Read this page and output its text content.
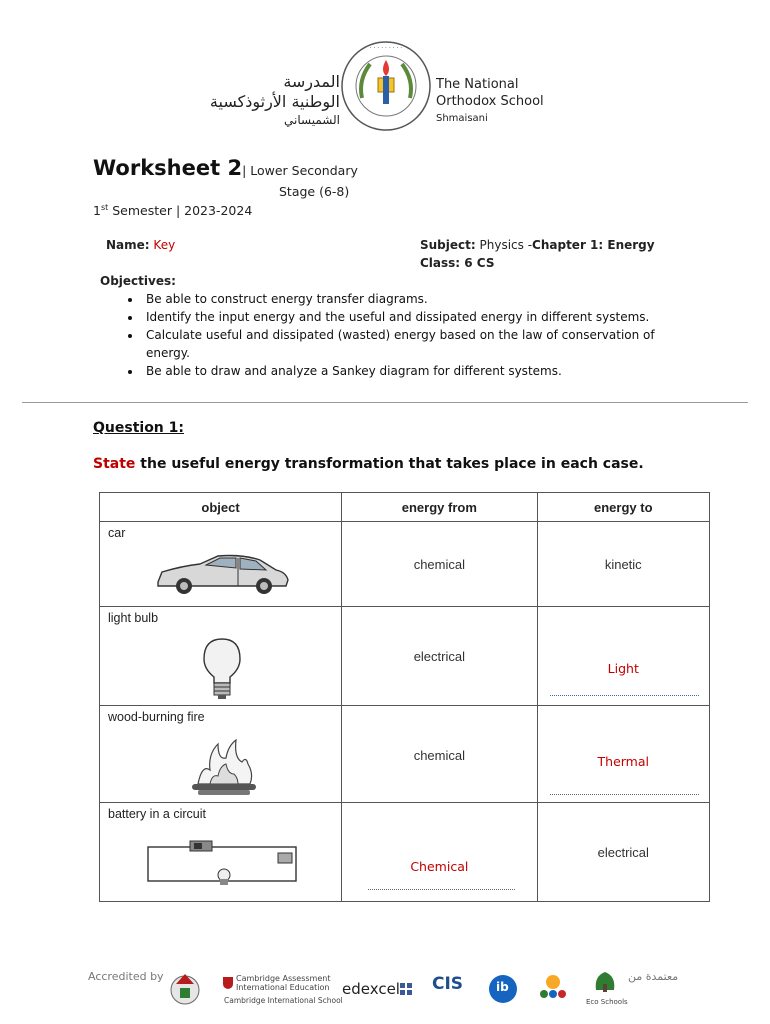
المدرسة
الوطنية الأرثوذكسية
الشميساني
· · · · · · · · ·
The National
Orthodox School
Shmaisani
Worksheet 2| Lower Secondary
Stage (6-8)
1st Semester | 2023-2024
Name: Key	Subject: Physics -Chapter 1: Energy
Class: 6 CS
Objectives:
• Be able to construct energy transfer diagrams.
• Identify the input energy and the useful and dissipated energy in different systems.
• Calculate useful and dissipated (wasted) energy based on the law of conservation of energy.
• Be able to draw and analyze a Sankey diagram for different systems.
Question 1:
State the useful energy transformation that takes place in each case.
object	energy from	energy to

car	chemical	kinetic

light bulb	electrical	Light

wood-burning fire	chemical	Thermal

battery in a circuit	Chemical	electrical
Accredited by	Cambridge Assessment
International Education
Cambridge International School
edexcel CIS	ib
Eco Schools
معتمدة من
